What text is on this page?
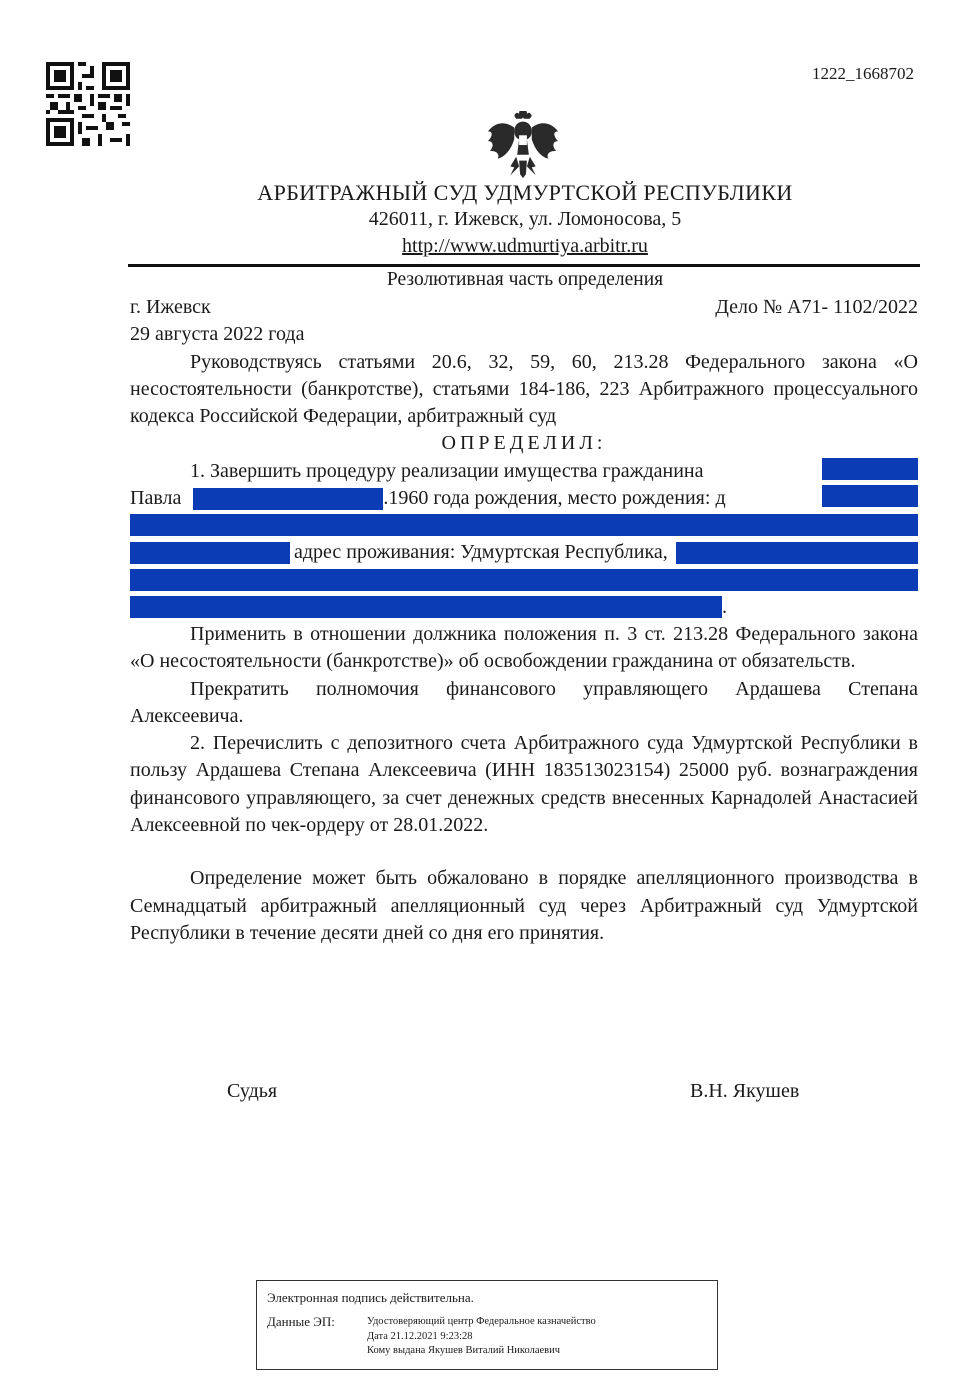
1222_1668702
АРБИТРАЖНЫЙ СУД УДМУРТСКОЙ РЕСПУБЛИКИ
426011, г. Ижевск, ул. Ломоносова, 5
http://www.udmurtiya.arbitr.ru
Резолютивная часть определения
г. Ижевск	Дело № А71- 1102/2022
29 августа 2022 года

Руководствуясь статьями 20.6, 32, 59, 60, 213.28 Федерального закона «О несостоятельности (банкротстве), статьями 184-186, 223 Арбитражного процессуального кодекса Российской Федерации, арбитражный суд

ОПРЕДЕЛИЛ:
1. Завершить процедуру реализации имущества гражданина
Павла	.1960 года рождения, место рождения: д
адрес проживания: Удмуртская Республика,
.

Применить в отношении должника положения п. 3 ст. 213.28 Федерального закона «О несостоятельности (банкротстве)» об освобождении гражданина от обязательств.

Прекратить полномочия финансового управляющего Ардашева Степана Алексеевича.

2. Перечислить с депозитного счета Арбитражного суда Удмуртской Республики в пользу Ардашева Степана Алексеевича (ИНН 183513023154) 25000 руб. вознаграждения финансового управляющего, за счет денежных средств внесенных Карнадолей Анастасией Алексеевной по чек-ордеру от 28.01.2022.

Определение может быть обжаловано в порядке апелляционного производства в Семнадцатый арбитражный апелляционный суд через Арбитражный суд Удмуртской Республики в течение десяти дней со дня его принятия.

Судья	В.Н. Якушев
Электронная подпись действительна.
Данные ЭП:	Удостоверяющий центр Федеральное казначейство
Дата 21.12.2021 9:23:28
Кому выдана Якушев Виталий Николаевич
